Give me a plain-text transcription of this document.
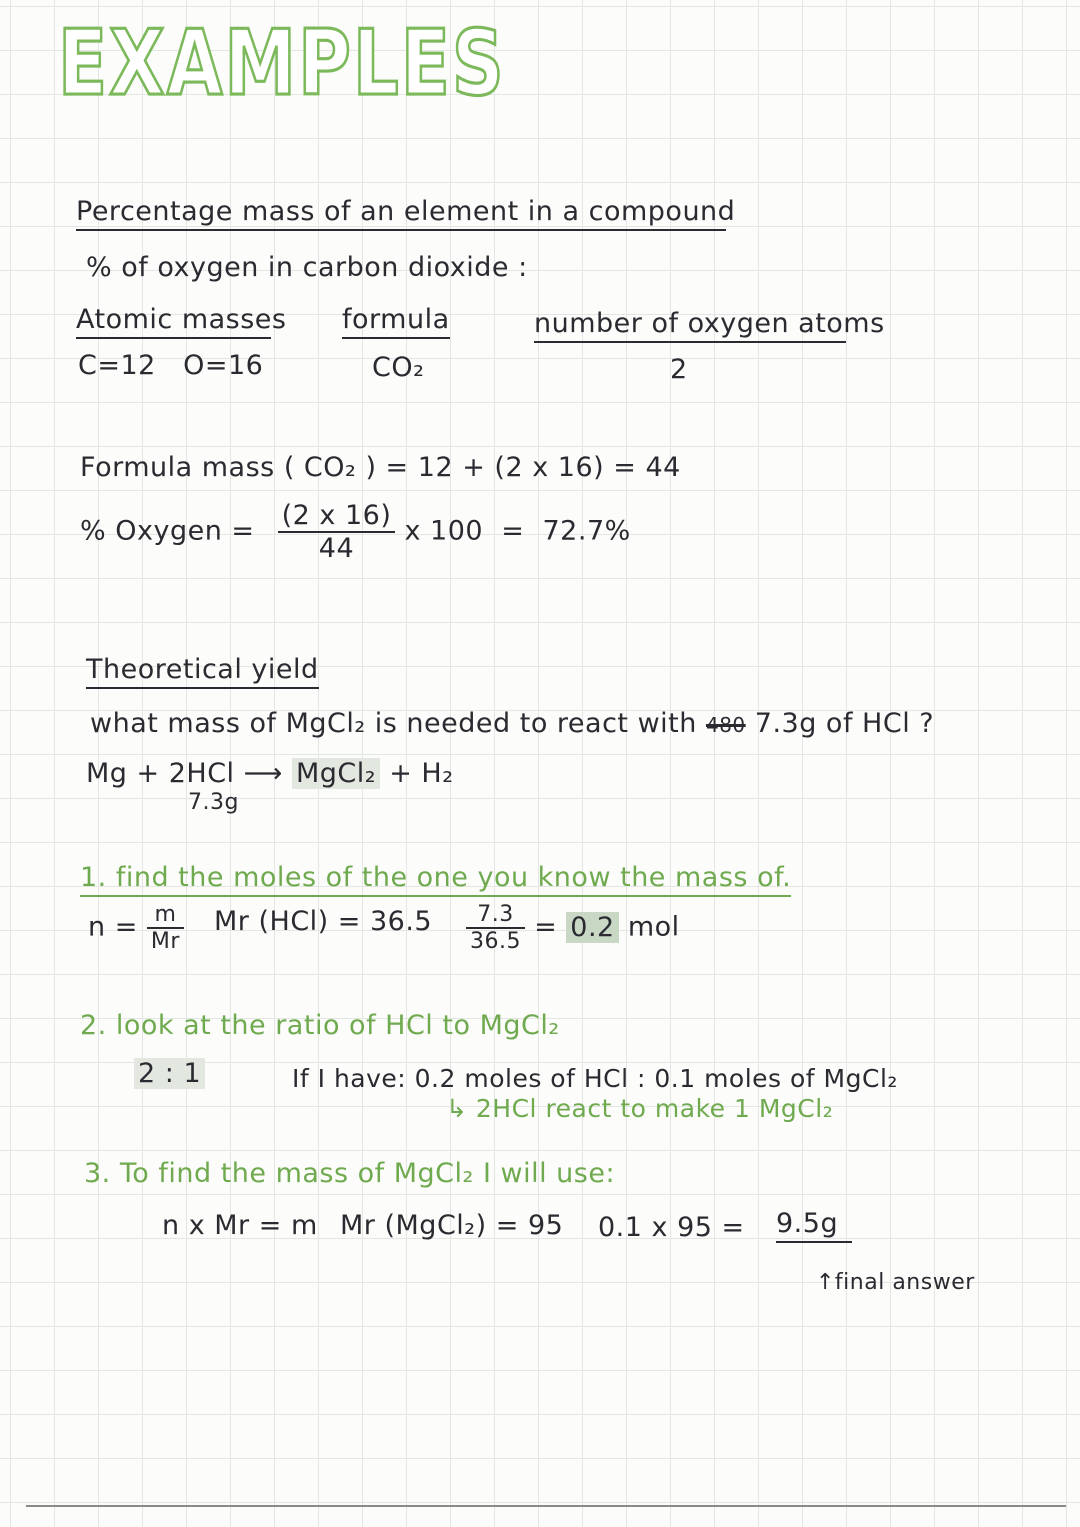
EXAMPLES
Percentage mass of an element in a compound
% of oxygen in carbon dioxide :
Atomic masses
C=12   O=16
formula
CO₂
number of oxygen atoms
2
Formula mass ( CO₂ ) = 12 + (2 x 16) = 44
% Oxygen = $\frac{(2 x 16)}{44}$ x 100  =  72.7%
Theoretical yield
what mass of MgCl₂ is needed to react with 480 7.3g of HCl ?
Mg + 2HCl ⟶ MgCl₂ + H₂
7.3g
1. find the moles of the one you know the mass of.
$n = \frac{m}{Mr}$ Mr $(HCl) = 36.5 \frac{7.3}{36.5} = 0.2$ mol
2. look at the ratio of HCl to MgCl₂
2 : 1	If I have: 0.2 moles of HCl : 0.1 moles of MgCl₂
↳ 2HCl react to make 1 MgCl₂
3. To find the mass of MgCl₂ I will use:
n x Mr = m Mr (MgCl₂) = 95 0.1 x 95 = 9.5g
↑final answer
